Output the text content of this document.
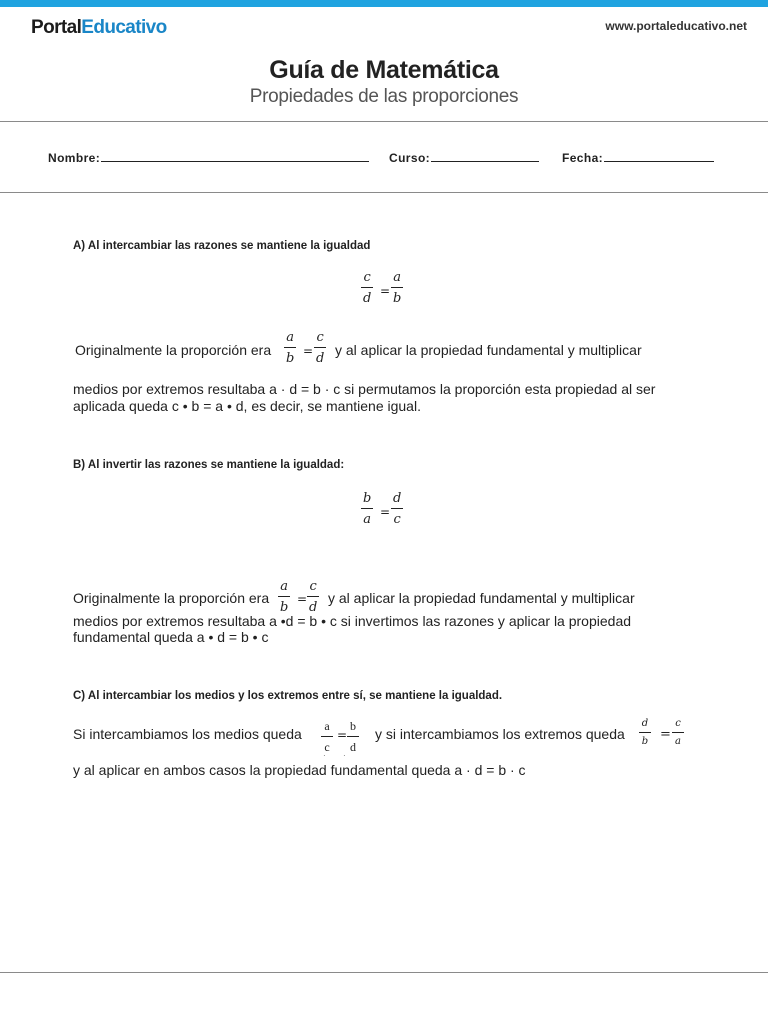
PortalEducativo	www.portaleducativo.net
Guía de Matemática
Propiedades de las proporciones
Nombre:	Curso:	Fecha:
A) Al intercambiar las razones se mantiene la igualdad
$\frac{c}{d} = \frac{a}{b}$
Originalmente la proporción era $\frac{a}{b} = \frac{c}{d}$ y al aplicar la propiedad fundamental y multiplicar
medios por extremos resultaba a · d = b · c si permutamos la proporción esta propiedad al ser
aplicada queda c • b = a • d, es decir, se mantiene igual.
B) Al invertir las razones se mantiene la igualdad:
$\frac{b}{a} = \frac{d}{c}$
Originalmente la proporción era $\frac{a}{b} = \frac{c}{d}$ y al aplicar la propiedad fundamental y multiplicar
medios por extremos resultaba a •d = b • c si invertimos las razones y aplicar la propiedad
fundamental queda a • d = b • c
C) Al intercambiar los medios y los extremos entre sí, se mantiene la igualdad.
Si intercambiamos los medios queda $\frac{a}{c} = \frac{b}{d}$
· ·
y si intercambiamos los extremos queda $\frac{d}{b} = \frac{c}{a}$
y al aplicar en ambos casos la propiedad fundamental queda a · d = b · c
